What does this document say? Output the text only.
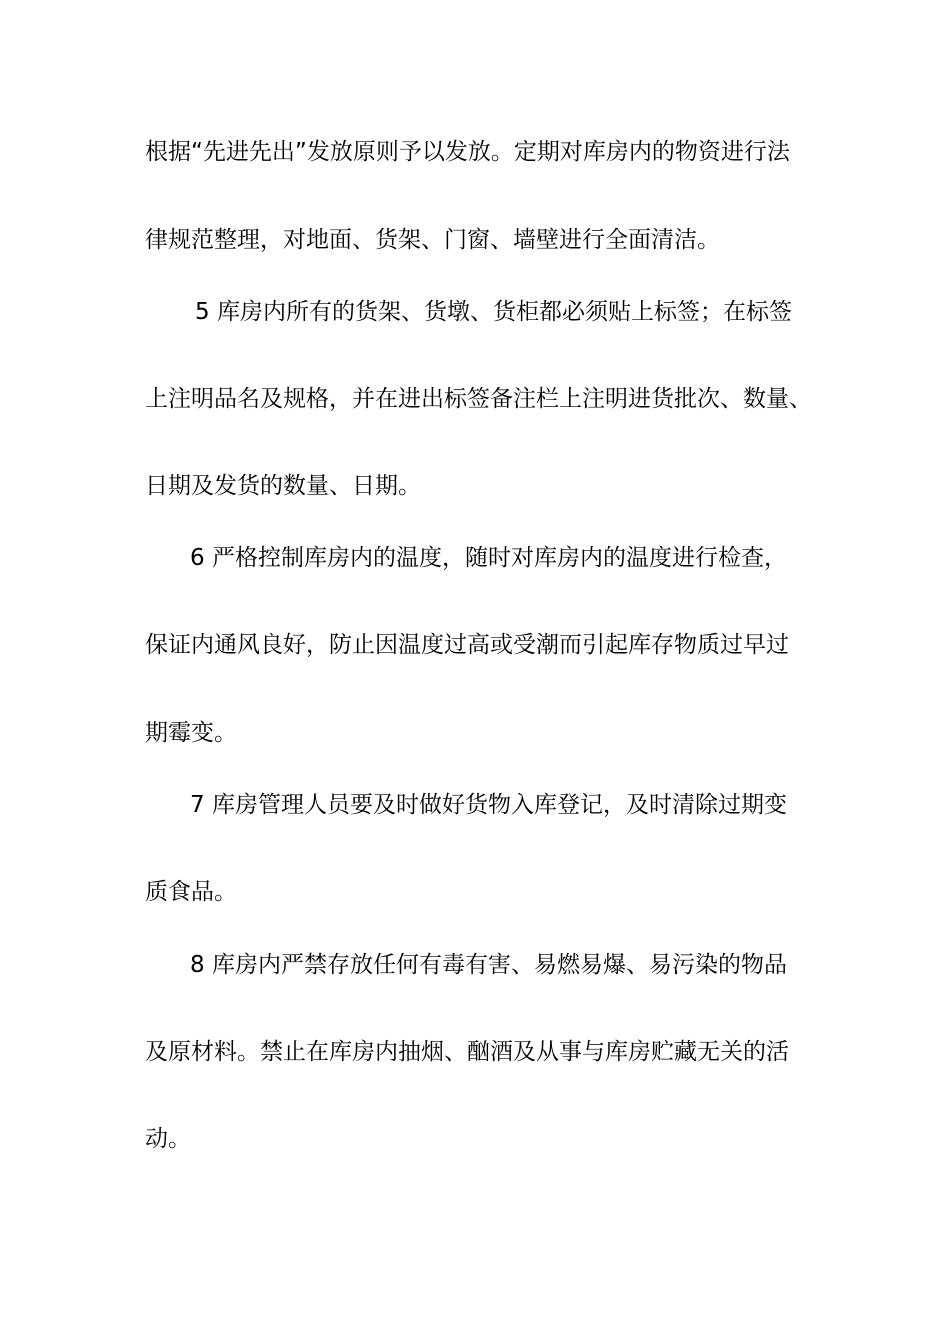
根据“先进先出”发放原则予以发放。定期对库房内的物资进行法
律规范整理，对地面、货架、门窗、墙壁进行全面清洁。
5 库房内所有的货架、货墩、货柜都必须贴上标签；在标签
上注明品名及规格，并在进出标签备注栏上注明进货批次、数量、
日期及发货的数量、日期。
6 严格控制库房内的温度，随时对库房内的温度进行检查，
保证内通风良好，防止因温度过高或受潮而引起库存物质过早过
期霉变。
7 库房管理人员要及时做好货物入库登记，及时清除过期变
质食品。
8 库房内严禁存放任何有毒有害、易燃易爆、易污染的物品
及原材料。禁止在库房内抽烟、酗酒及从事与库房贮藏无关的活
动。
